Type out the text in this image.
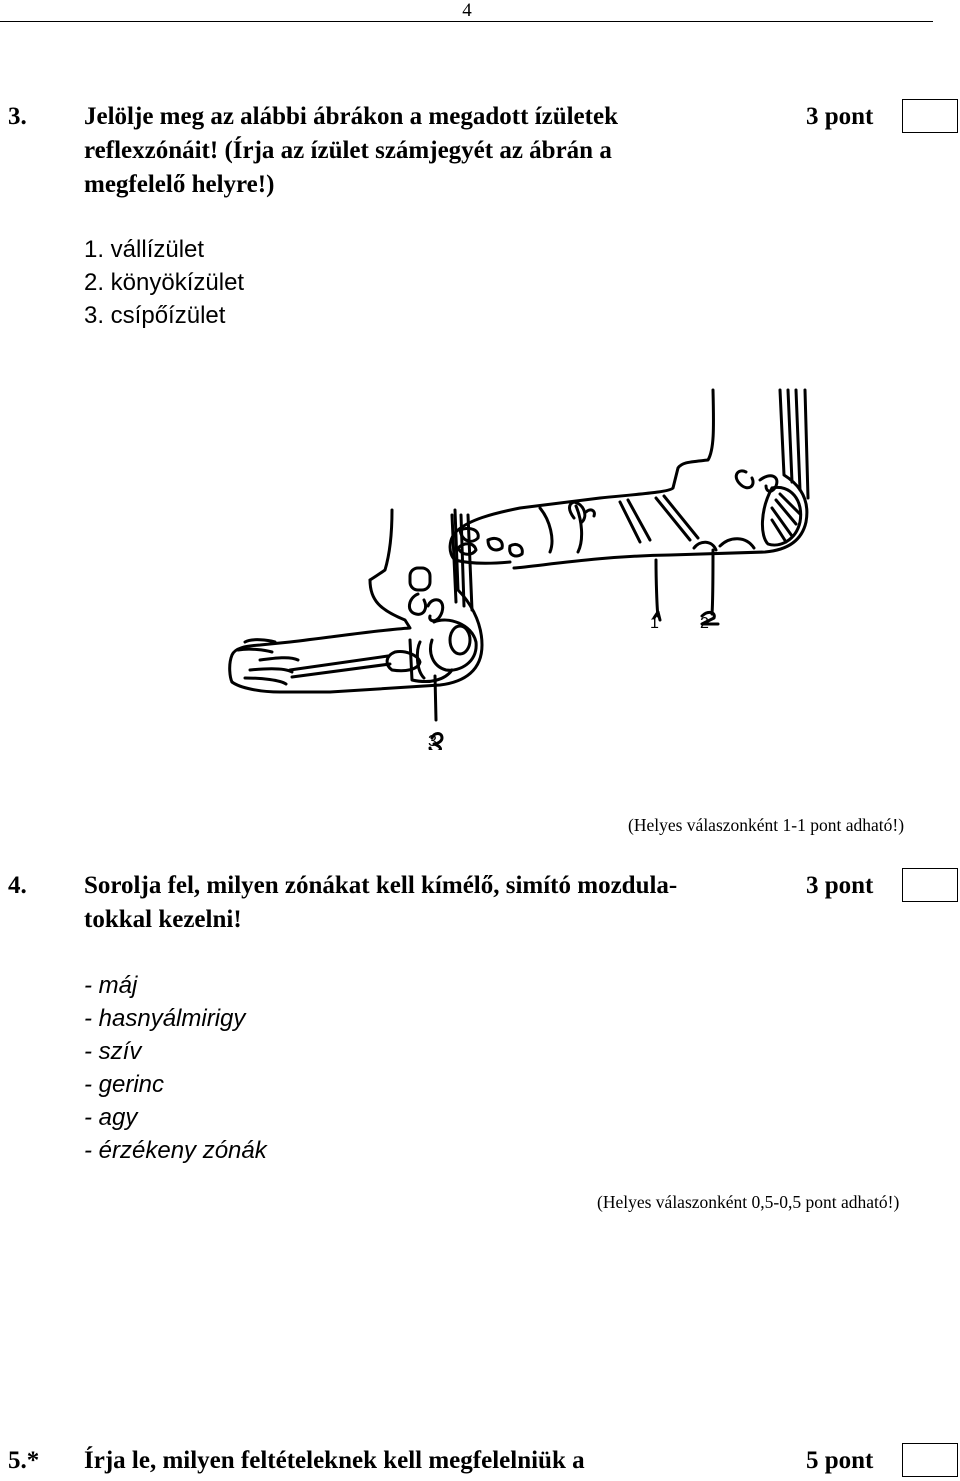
4
3. Jelölje meg az alábbi ábrákon a megadott ízületek
reflexzónáit! (Írja az ízület számjegyét az ábrán a
megfelelő helyre!)
3 pont
1. vállízület
2. könyökízület
3. csípőízület
1	2
3
(Helyes válaszonként 1-1 pont adható!)
4. Sorolja fel, milyen zónákat kell kímélő, simító mozdula-
tokkal kezelni!
3 pont
- máj
- hasnyálmirigy
- szív
- gerinc
- agy
- érzékeny zónák
(Helyes válaszonként 0,5-0,5 pont adható!)
5.* Írja le, milyen feltételeknek kell megfelelniük a	5 pont
